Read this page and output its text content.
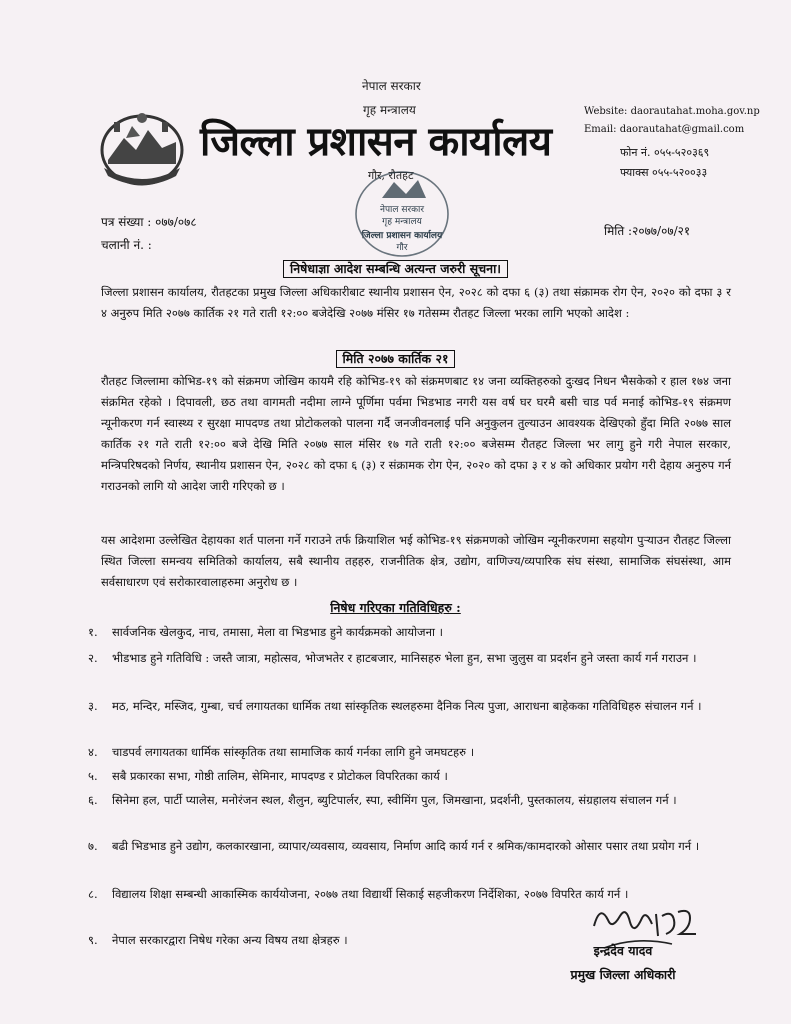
नेपाल सरकार
गृह मन्त्रालय
जिल्ला प्रशासन कार्यालय
गौर, रौतहट
Website: daorautahat.moha.gov.np
Email: daorautahat@gmail.com
फोन नं. ०५५-५२०३६९
फ्याक्स ०५५-५२००३३
नेपाल सरकार
गृह मन्त्रालय
जिल्ला प्रशासन कार्यालय
गौर
पत्र संख्या : ०७७/०७८
चलानी नं. :
मिति :२०७७/०७/२१
निषेधाज्ञा आदेश सम्बन्धि अत्यन्त जरुरी सूचना।
जिल्ला प्रशासन कार्यालय, रौतहटका प्रमुख जिल्ला अधिकारीबाट स्थानीय प्रशासन ऐन, २०२८ को दफा ६ (३) तथा संक्रामक रोग ऐन, २०२० को दफा ३ र ४ अनुरुप मिति २०७७ कार्तिक २१ गते राती १२:०० बजेदेखि २०७७ मंसिर १७ गतेसम्म रौतहट जिल्ला भरका लागि भएको आदेश :
मिति २०७७ कार्तिक २१
रौतहट जिल्लामा कोभिड-१९ को संक्रमण जोखिम कायमै रहि कोभिड-१९ को संक्रमणबाट १४ जना व्यक्तिहरुको दुःखद निधन भैसकेको र हाल १७४ जना संक्रमित रहेको । दिपावली, छठ तथा वागमती नदीमा लाग्ने पूर्णिमा पर्वमा भिडभाड नगरी यस वर्ष घर घरमै बसी चाड पर्व मनाई कोभिड-१९ संक्रमण न्यूनीकरण गर्न स्वास्थ्य र सुरक्षा मापदण्ड तथा प्रोटोकलको पालना गर्दै जनजीवनलाई पनि अनुकुलन तुल्याउन आवश्यक देखिएको हुँदा मिति २०७७ साल कार्तिक २१ गते राती १२:०० बजे देखि मिति २०७७ साल मंसिर १७ गते राती १२:०० बजेसम्म रौतहट जिल्ला भर लागु हुने गरी नेपाल सरकार, मन्त्रिपरिषदको निर्णय, स्थानीय प्रशासन ऐन, २०२८ को दफा ६ (३) र संक्रामक रोग ऐन, २०२० को दफा ३ र ४ को अधिकार प्रयोग गरी देहाय अनुरुप गर्न गराउनको लागि यो आदेश जारी गरिएको छ ।
यस आदेशमा उल्लेखित देहायका शर्त पालना गर्ने गराउने तर्फ क्रियाशिल भई कोभिड-१९ संक्रमणको जोखिम न्यूनीकरणमा सहयोग पुऱ्याउन रौतहट जिल्ला स्थित जिल्ला समन्वय समितिको कार्यालय, सबै स्थानीय तहहरु, राजनीतिक क्षेत्र, उद्योग, वाणिज्य/व्यपारिक संघ संस्था, सामाजिक संघसंस्था, आम सर्वसाधारण एवं सरोकारवालाहरुमा अनुरोध छ ।
निषेध गरिएका गतिविधिहरु :
१. सार्वजनिक खेलकुद, नाच, तमासा, मेला वा भिडभाड हुने कार्यक्रमको आयोजना ।
२.	भीडभाड हुने गतिविधि : जस्तै जात्रा, महोत्सव, भोजभतेर र हाटबजार, मानिसहरु भेला हुन, सभा जुलुस वा प्रदर्शन हुने जस्ता कार्य गर्न गराउन ।
३.	मठ, मन्दिर, मस्जिद, गुम्बा, चर्च लगायतका धार्मिक तथा सांस्कृतिक स्थलहरुमा दैनिक नित्य पुजा, आराधना बाहेकका गतिविधिहरु संचालन गर्न ।
४. चाडपर्व लगायतका धार्मिक सांस्कृतिक तथा सामाजिक कार्य गर्नका लागि हुने जमघटहरु ।
५. सबै प्रकारका सभा, गोष्ठी तालिम, सेमिनार, मापदण्ड र प्रोटोकल विपरितका कार्य ।
६.	सिनेमा हल, पार्टी प्यालेस, मनोरंजन स्थल, शैलुन, ब्युटिपार्लर, स्पा, स्वीमिंग पुल, जिमखाना, प्रदर्शनी, पुस्तकालय, संग्रहालय संचालन गर्न ।
७.	बढी भिडभाड हुने उद्योग, कलकारखाना, व्यापार/व्यवसाय, व्यवसाय, निर्माण आदि कार्य गर्न र श्रमिक/कामदारको ओसार पसार तथा प्रयोग गर्न ।
८.	विद्यालय शिक्षा सम्बन्धी आकास्मिक कार्ययोजना, २०७७ तथा विद्यार्थी सिकाई सहजीकरण निर्देशिका, २०७७ विपरित कार्य गर्न ।
९. नेपाल सरकारद्वारा निषेध गरेका अन्य विषय तथा क्षेत्रहरु ।
इन्द्रदेव यादव
प्रमुख जिल्ला अधिकारी
